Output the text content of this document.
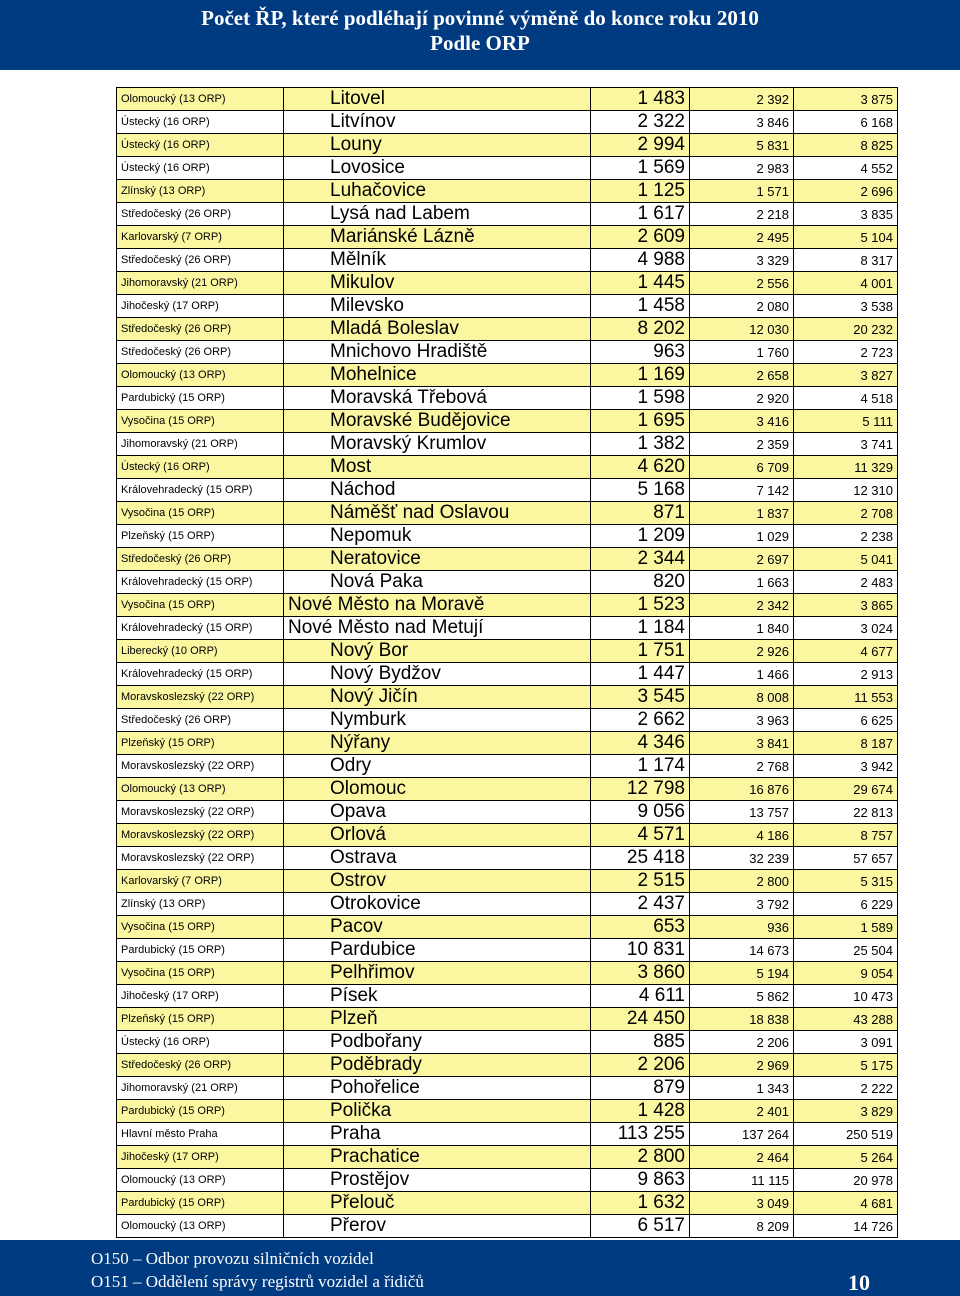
Počet ŘP, které podléhají povinné výměně do konce roku 2010
Podle ORP
Olomoucký (13 ORP)	Litovel	1 483	2 392	3 875
Ústecký (16 ORP)	Litvínov	2 322	3 846	6 168
Ústecký (16 ORP)	Louny	2 994	5 831	8 825
Ústecký (16 ORP)	Lovosice	1 569	2 983	4 552
Zlínský (13 ORP)	Luhačovice	1 125	1 571	2 696
Středočeský (26 ORP)	Lysá nad Labem	1 617	2 218	3 835
Karlovarský (7 ORP)	Mariánské Lázně	2 609	2 495	5 104
Středočeský (26 ORP)	Mělník	4 988	3 329	8 317
Jihomoravský (21 ORP)	Mikulov	1 445	2 556	4 001
Jihočeský (17 ORP)	Milevsko	1 458	2 080	3 538
Středočeský (26 ORP)	Mladá Boleslav	8 202	12 030	20 232
Středočeský (26 ORP)	Mnichovo Hradiště	963	1 760	2 723
Olomoucký (13 ORP)	Mohelnice	1 169	2 658	3 827
Pardubický (15 ORP)	Moravská Třebová	1 598	2 920	4 518
Vysočina (15 ORP)	Moravské Budějovice	1 695	3 416	5 111
Jihomoravský (21 ORP)	Moravský Krumlov	1 382	2 359	3 741
Ústecký (16 ORP)	Most	4 620	6 709	11 329
Královehradecký (15 ORP)	Náchod	5 168	7 142	12 310
Vysočina (15 ORP)	Náměšť nad Oslavou	871	1 837	2 708
Plzeňský (15 ORP)	Nepomuk	1 209	1 029	2 238
Středočeský (26 ORP)	Neratovice	2 344	2 697	5 041
Královehradecký (15 ORP)	Nová Paka	820	1 663	2 483
Vysočina (15 ORP)	Nové Město na Moravě	1 523	2 342	3 865
Královehradecký (15 ORP)	Nové Město nad Metují	1 184	1 840	3 024
Liberecký (10 ORP)	Nový Bor	1 751	2 926	4 677
Královehradecký (15 ORP)	Nový Bydžov	1 447	1 466	2 913
Moravskoslezský (22 ORP)	Nový Jičín	3 545	8 008	11 553
Středočeský (26 ORP)	Nymburk	2 662	3 963	6 625
Plzeňský (15 ORP)	Nýřany	4 346	3 841	8 187
Moravskoslezský (22 ORP)	Odry	1 174	2 768	3 942
Olomoucký (13 ORP)	Olomouc	12 798	16 876	29 674
Moravskoslezský (22 ORP)	Opava	9 056	13 757	22 813
Moravskoslezský (22 ORP)	Orlová	4 571	4 186	8 757
Moravskoslezský (22 ORP)	Ostrava	25 418	32 239	57 657
Karlovarský (7 ORP)	Ostrov	2 515	2 800	5 315
Zlínský (13 ORP)	Otrokovice	2 437	3 792	6 229
Vysočina (15 ORP)	Pacov	653	936	1 589
Pardubický (15 ORP)	Pardubice	10 831	14 673	25 504
Vysočina (15 ORP)	Pelhřimov	3 860	5 194	9 054
Jihočeský (17 ORP)	Písek	4 611	5 862	10 473
Plzeňský (15 ORP)	Plzeň	24 450	18 838	43 288
Ústecký (16 ORP)	Podbořany	885	2 206	3 091
Středočeský (26 ORP)	Poděbrady	2 206	2 969	5 175
Jihomoravský (21 ORP)	Pohořelice	879	1 343	2 222
Pardubický (15 ORP)	Polička	1 428	2 401	3 829
Hlavní město Praha	Praha	113 255	137 264	250 519
Jihočeský (17 ORP)	Prachatice	2 800	2 464	5 264
Olomoucký (13 ORP)	Prostějov	9 863	11 115	20 978
Pardubický (15 ORP)	Přelouč	1 632	3 049	4 681
Olomoucký (13 ORP)	Přerov	6 517	8 209	14 726
O150 – Odbor provozu silničních vozidel
O151 – Oddělení správy registrů vozidel a řidičů	10
